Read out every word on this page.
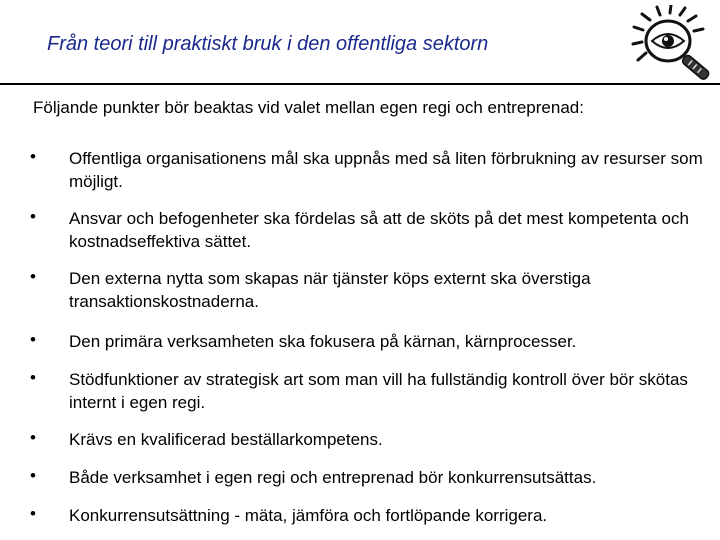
Från teori till praktiskt bruk i den offentliga sektorn
Följande punkter bör beaktas vid valet mellan egen regi och entreprenad:
• Offentliga organisationens mål ska uppnås med så liten förbrukning av resurser som möjligt.
• Ansvar och befogenheter ska fördelas så att de sköts på det mest kompetenta och kostnadseffektiva sättet.
• Den externa nytta som skapas när tjänster köps externt ska överstiga transaktionskostnaderna.
• Den primära verksamheten ska fokusera på kärnan, kärnprocesser.
• Stödfunktioner av strategisk art som man vill ha fullständig kontroll över bör skötas internt i egen regi.
• Krävs en kvalificerad beställarkompetens.
• Både verksamhet i egen regi och entreprenad bör konkurrensutsättas.
• Konkurrensutsättning - mäta, jämföra och fortlöpande korrigera.
